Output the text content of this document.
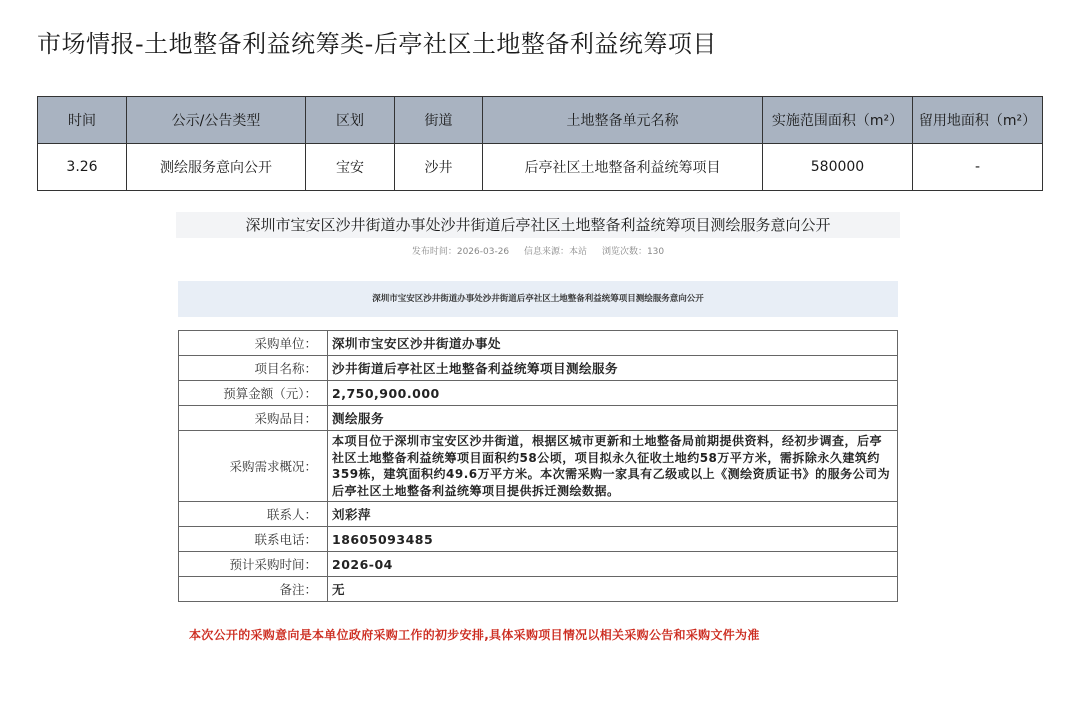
市场情报-土地整备利益统筹类-后亭社区土地整备利益统筹项目
时间	公示/公告类型	区划	街道	土地整备单元名称	实施范围面积（m²）	留用地面积（m²）
3.26	测绘服务意向公开	宝安	沙井	后亭社区土地整备利益统筹项目	580000	-
深圳市宝安区沙井街道办事处沙井街道后亭社区土地整备利益统筹项目测绘服务意向公开
发布时间：2026-03-26 信息来源：本站 浏览次数：130
深圳市宝安区沙井街道办事处沙井街道后亭社区土地整备利益统筹项目测绘服务意向公开
采购单位：	深圳市宝安区沙井街道办事处
项目名称：	沙井街道后亭社区土地整备利益统筹项目测绘服务
预算金额（元）：	2,750,900.000
采购品目：	测绘服务
采购需求概况：	本项目位于深圳市宝安区沙井街道，根据区城市更新和土地整备局前期提供资料，经初步调查，后亭社区土地整备利益统筹项目面积约58公顷，项目拟永久征收土地约58万平方米，需拆除永久建筑约359栋，建筑面积约49.6万平方米。本次需采购一家具有乙级或以上《测绘资质证书》的服务公司为后亭社区土地整备利益统筹项目提供拆迁测绘数据。
联系人：	刘彩萍
联系电话：	18605093485
预计采购时间：	2026-04
备注：	无
本次公开的采购意向是本单位政府采购工作的初步安排,具体采购项目情况以相关采购公告和采购文件为准
